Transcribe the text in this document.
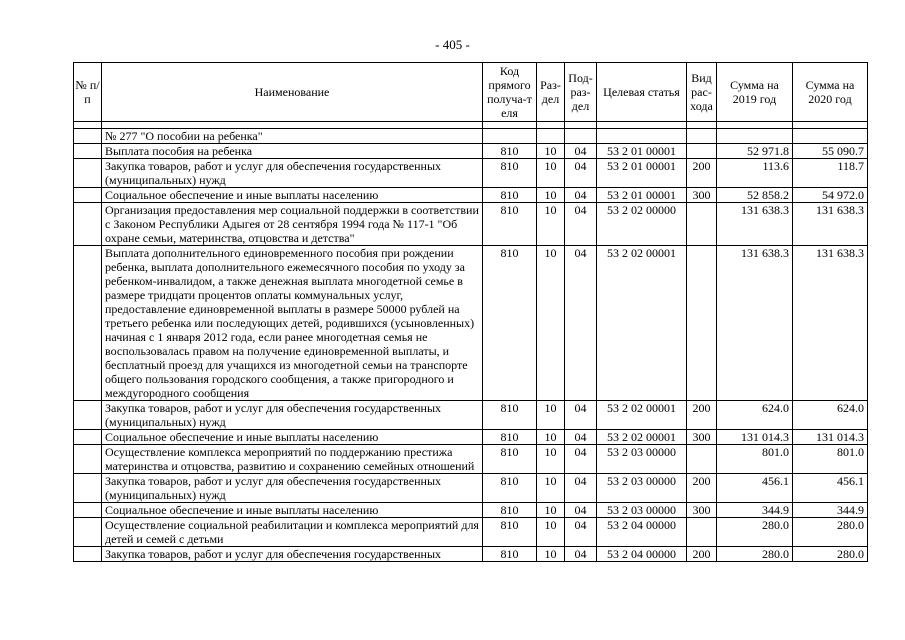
- 405 -
№ п/п	Наименование	Код прямого получа-т еля	Раз-дел	Под-раз-дел	Целевая статья	Вид рас-хода	Сумма на 2019 год	Сумма на 2020 год

	№ 277 "О пособии на ребенка"							
	Выплата пособия на ребенка	810	10	04	53 2 01 00001		52 971.8	55 090.7
	Закупка товаров, работ и услуг для обеспечения государственных (муниципальных) нужд	810	10	04	53 2 01 00001	200	113.6	118.7
	Социальное обеспечение и иные выплаты населению	810	10	04	53 2 01 00001	300	52 858.2	54 972.0
	Организация предоставления мер социальной поддержки в соответствии с Законом Республики Адыгея от 28 сентября 1994 года № 117-1 "Об охране семьи, материнства, отцовства и детства"	810	10	04	53 2 02 00000		131 638.3	131 638.3
	Выплата дополнительного единовременного пособия при рождении ребенка, выплата дополнительного ежемесячного пособия по уходу за ребенком-инвалидом, а также денежная выплата многодетной семье в размере тридцати процентов оплаты коммунальных услуг, предоставление единовременной выплаты в размере 50000 рублей на третьего ребенка или последующих детей, родившихся (усыновленных) начиная с 1 января 2012 года, если ранее многодетная семья не воспользовалась правом на получение единовременной выплаты, и бесплатный проезд для учащихся из многодетной семьи на транспорте общего пользования городского сообщения, а также пригородного и междугородного сообщения	810	10	04	53 2 02 00001		131 638.3	131 638.3
	Закупка товаров, работ и услуг для обеспечения государственных (муниципальных) нужд	810	10	04	53 2 02 00001	200	624.0	624.0
	Социальное обеспечение и иные выплаты населению	810	10	04	53 2 02 00001	300	131 014.3	131 014.3
	Осуществление комплекса мероприятий по поддержанию престижа материнства и отцовства, развитию и сохранению семейных отношений	810	10	04	53 2 03 00000		801.0	801.0
	Закупка товаров, работ и услуг для обеспечения государственных (муниципальных) нужд	810	10	04	53 2 03 00000	200	456.1	456.1
	Социальное обеспечение и иные выплаты населению	810	10	04	53 2 03 00000	300	344.9	344.9
	Осуществление социальной реабилитации и комплекса мероприятий для детей и семей с детьми	810	10	04	53 2 04 00000		280.0	280.0
	Закупка товаров, работ и услуг для обеспечения государственных	810	10	04	53 2 04 00000	200	280.0	280.0
